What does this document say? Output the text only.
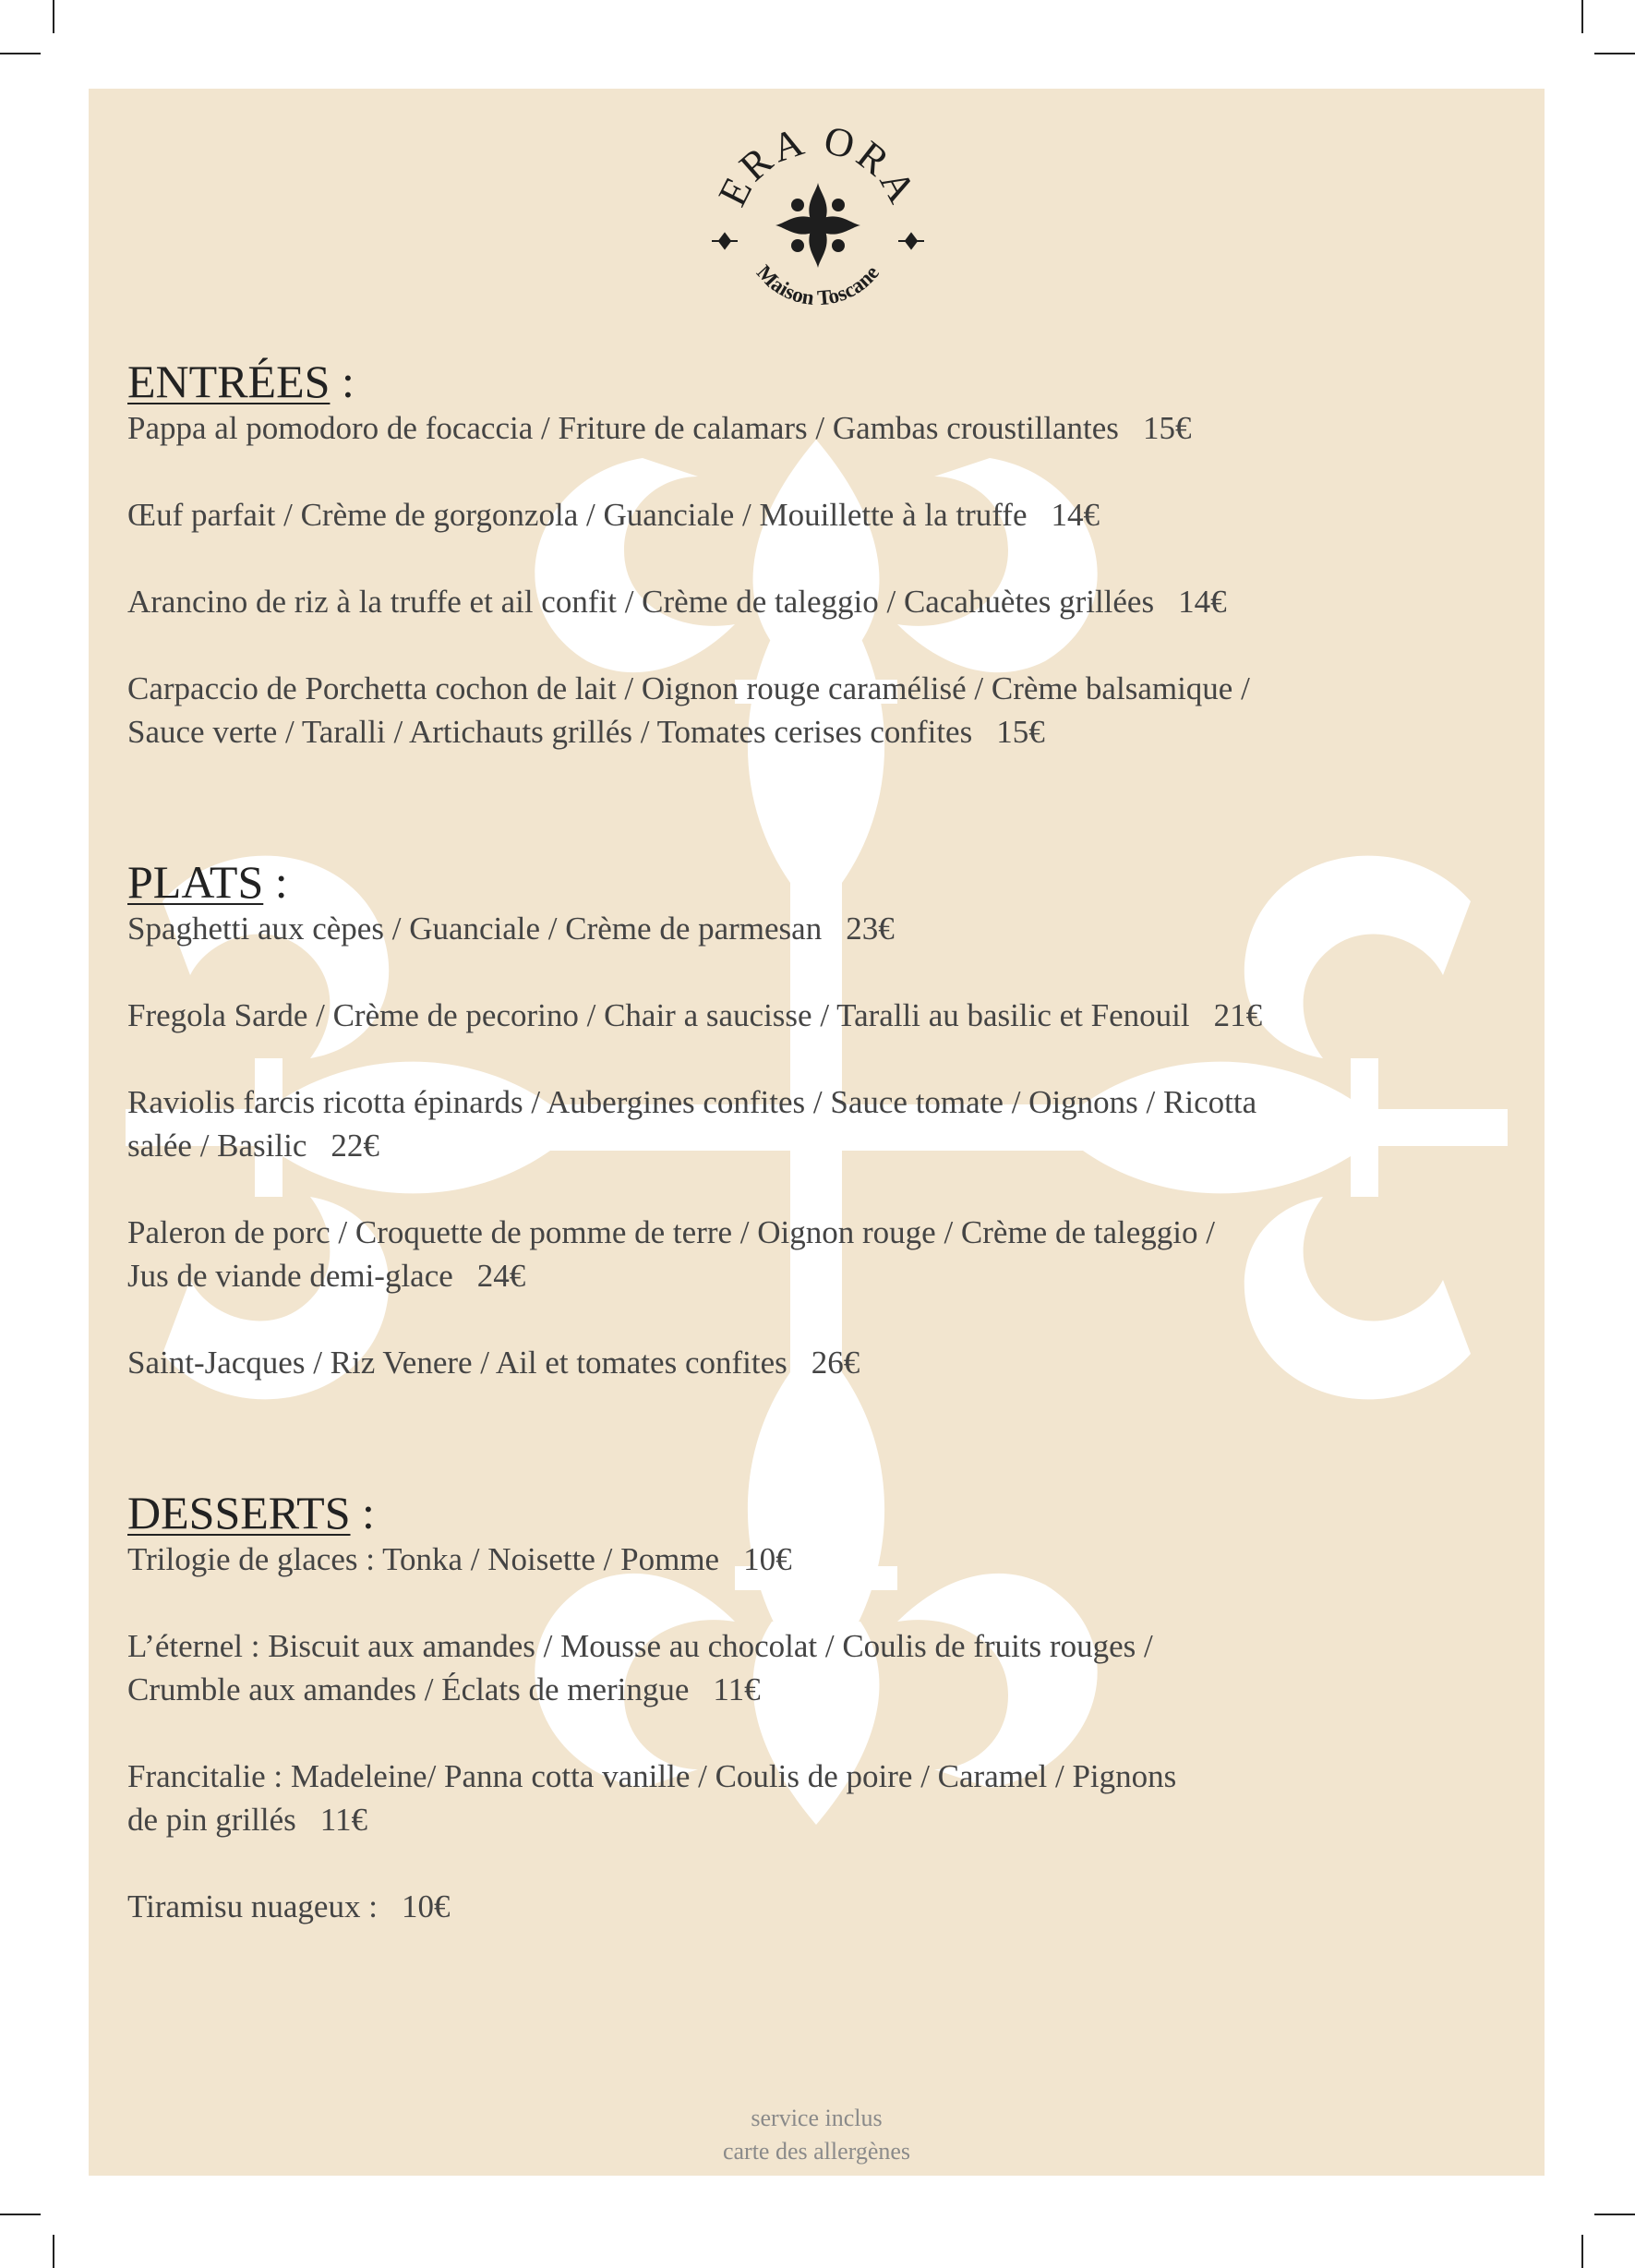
ERA ORA
Maison Toscane
ENTRÉES :

Pappa al pomodoro de focaccia / Friture de calamars / Gambas croustillantes 15€

Œuf parfait / Crème de gorgonzola / Guanciale / Mouillette à la truffe 14€

Arancino de riz à la truffe et ail confit / Crème de taleggio / Cacahuètes grillées 14€

Carpaccio de Porchetta cochon de lait / Oignon rouge caramélisé / Crème balsamique /
Sauce verte / Taralli / Artichauts grillés / Tomates cerises confites 15€

PLATS :

Spaghetti aux cèpes / Guanciale / Crème de parmesan 23€

Fregola Sarde / Crème de pecorino / Chair a saucisse / Taralli au basilic et Fenouil 21€

Raviolis farcis ricotta épinards / Aubergines confites / Sauce tomate / Oignons / Ricotta
salée / Basilic 22€

Paleron de porc / Croquette de pomme de terre / Oignon rouge / Crème de taleggio /
Jus de viande demi-glace 24€

Saint-Jacques / Riz Venere / Ail et tomates confites 26€

DESSERTS :

Trilogie de glaces : Tonka / Noisette / Pomme 10€

L’éternel : Biscuit aux amandes / Mousse au chocolat / Coulis de fruits rouges /
Crumble aux amandes / Éclats de meringue 11€

Francitalie : Madeleine/ Panna cotta vanille / Coulis de poire / Caramel / Pignons
de pin grillés 11€

Tiramisu nuageux : 10€

service inclus
carte des allergènes
